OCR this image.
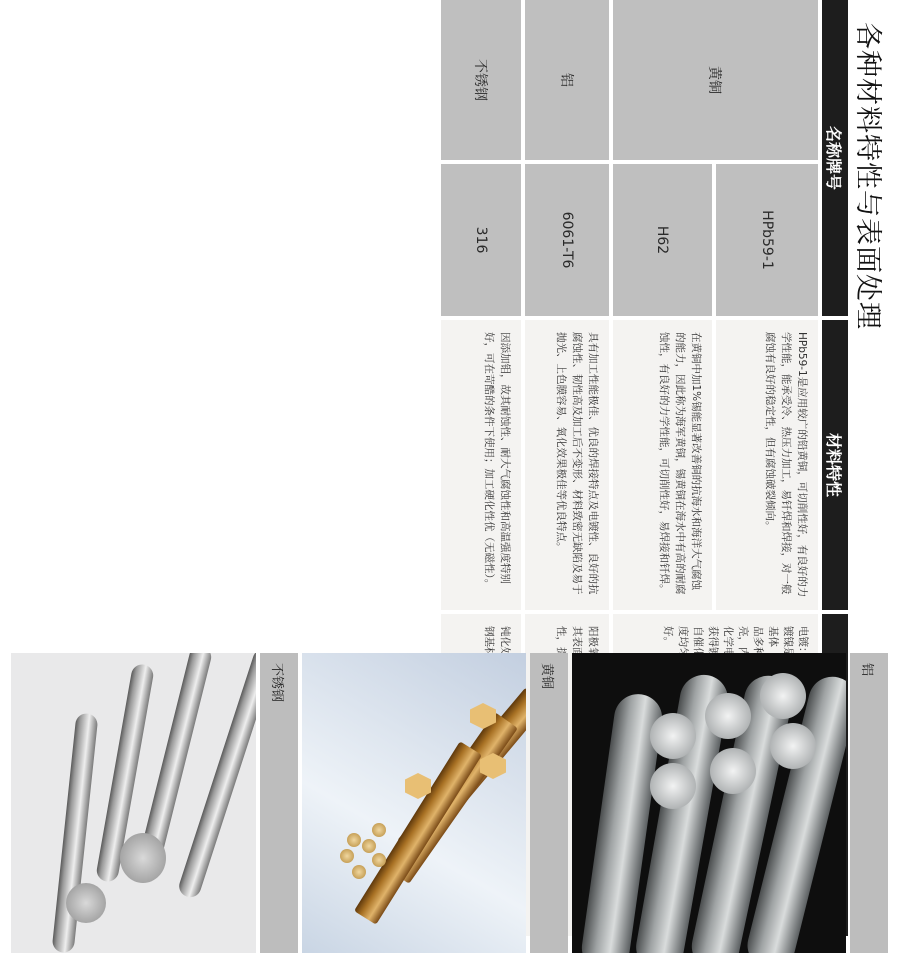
各种材料特性与表面处理
名称牌号
材料特性
黄铜
HPb59-1
H62
HPb59-1是应用较广的铅黄铜，可切削性好，有良好的力学性能，能承受冷、热压力加工，易钎焊和焊接，对一般腐蚀有良好的稳定性，但有腐蚀破裂倾向。
在黄铜中加1%锡能显著改善铜的抗海水和海洋大气腐蚀的能力，因此称为海军黄铜，锡黄铜在海水中有高的耐腐蚀性，有良好的力学性能，可切削性好，易焊接和钎焊。

化学电 获得镀 自催化 度均匀 好。
铝
6061-T6
具有加工性能极佳、优良的焊接特点及电镀性、良好的抗腐蚀性、韧性高及加工后不变形、材料致密无缺陷及易于抛光、上色膜容易、氧化效果极佳等优良特点。
不锈钢
316
因添加钼，故其耐蚀性、耐大气腐蚀性和高温强度特别好，可在苛酷的条件下使用；加工硬化性优（无磁性）。
不锈钢	黄铜	铝
